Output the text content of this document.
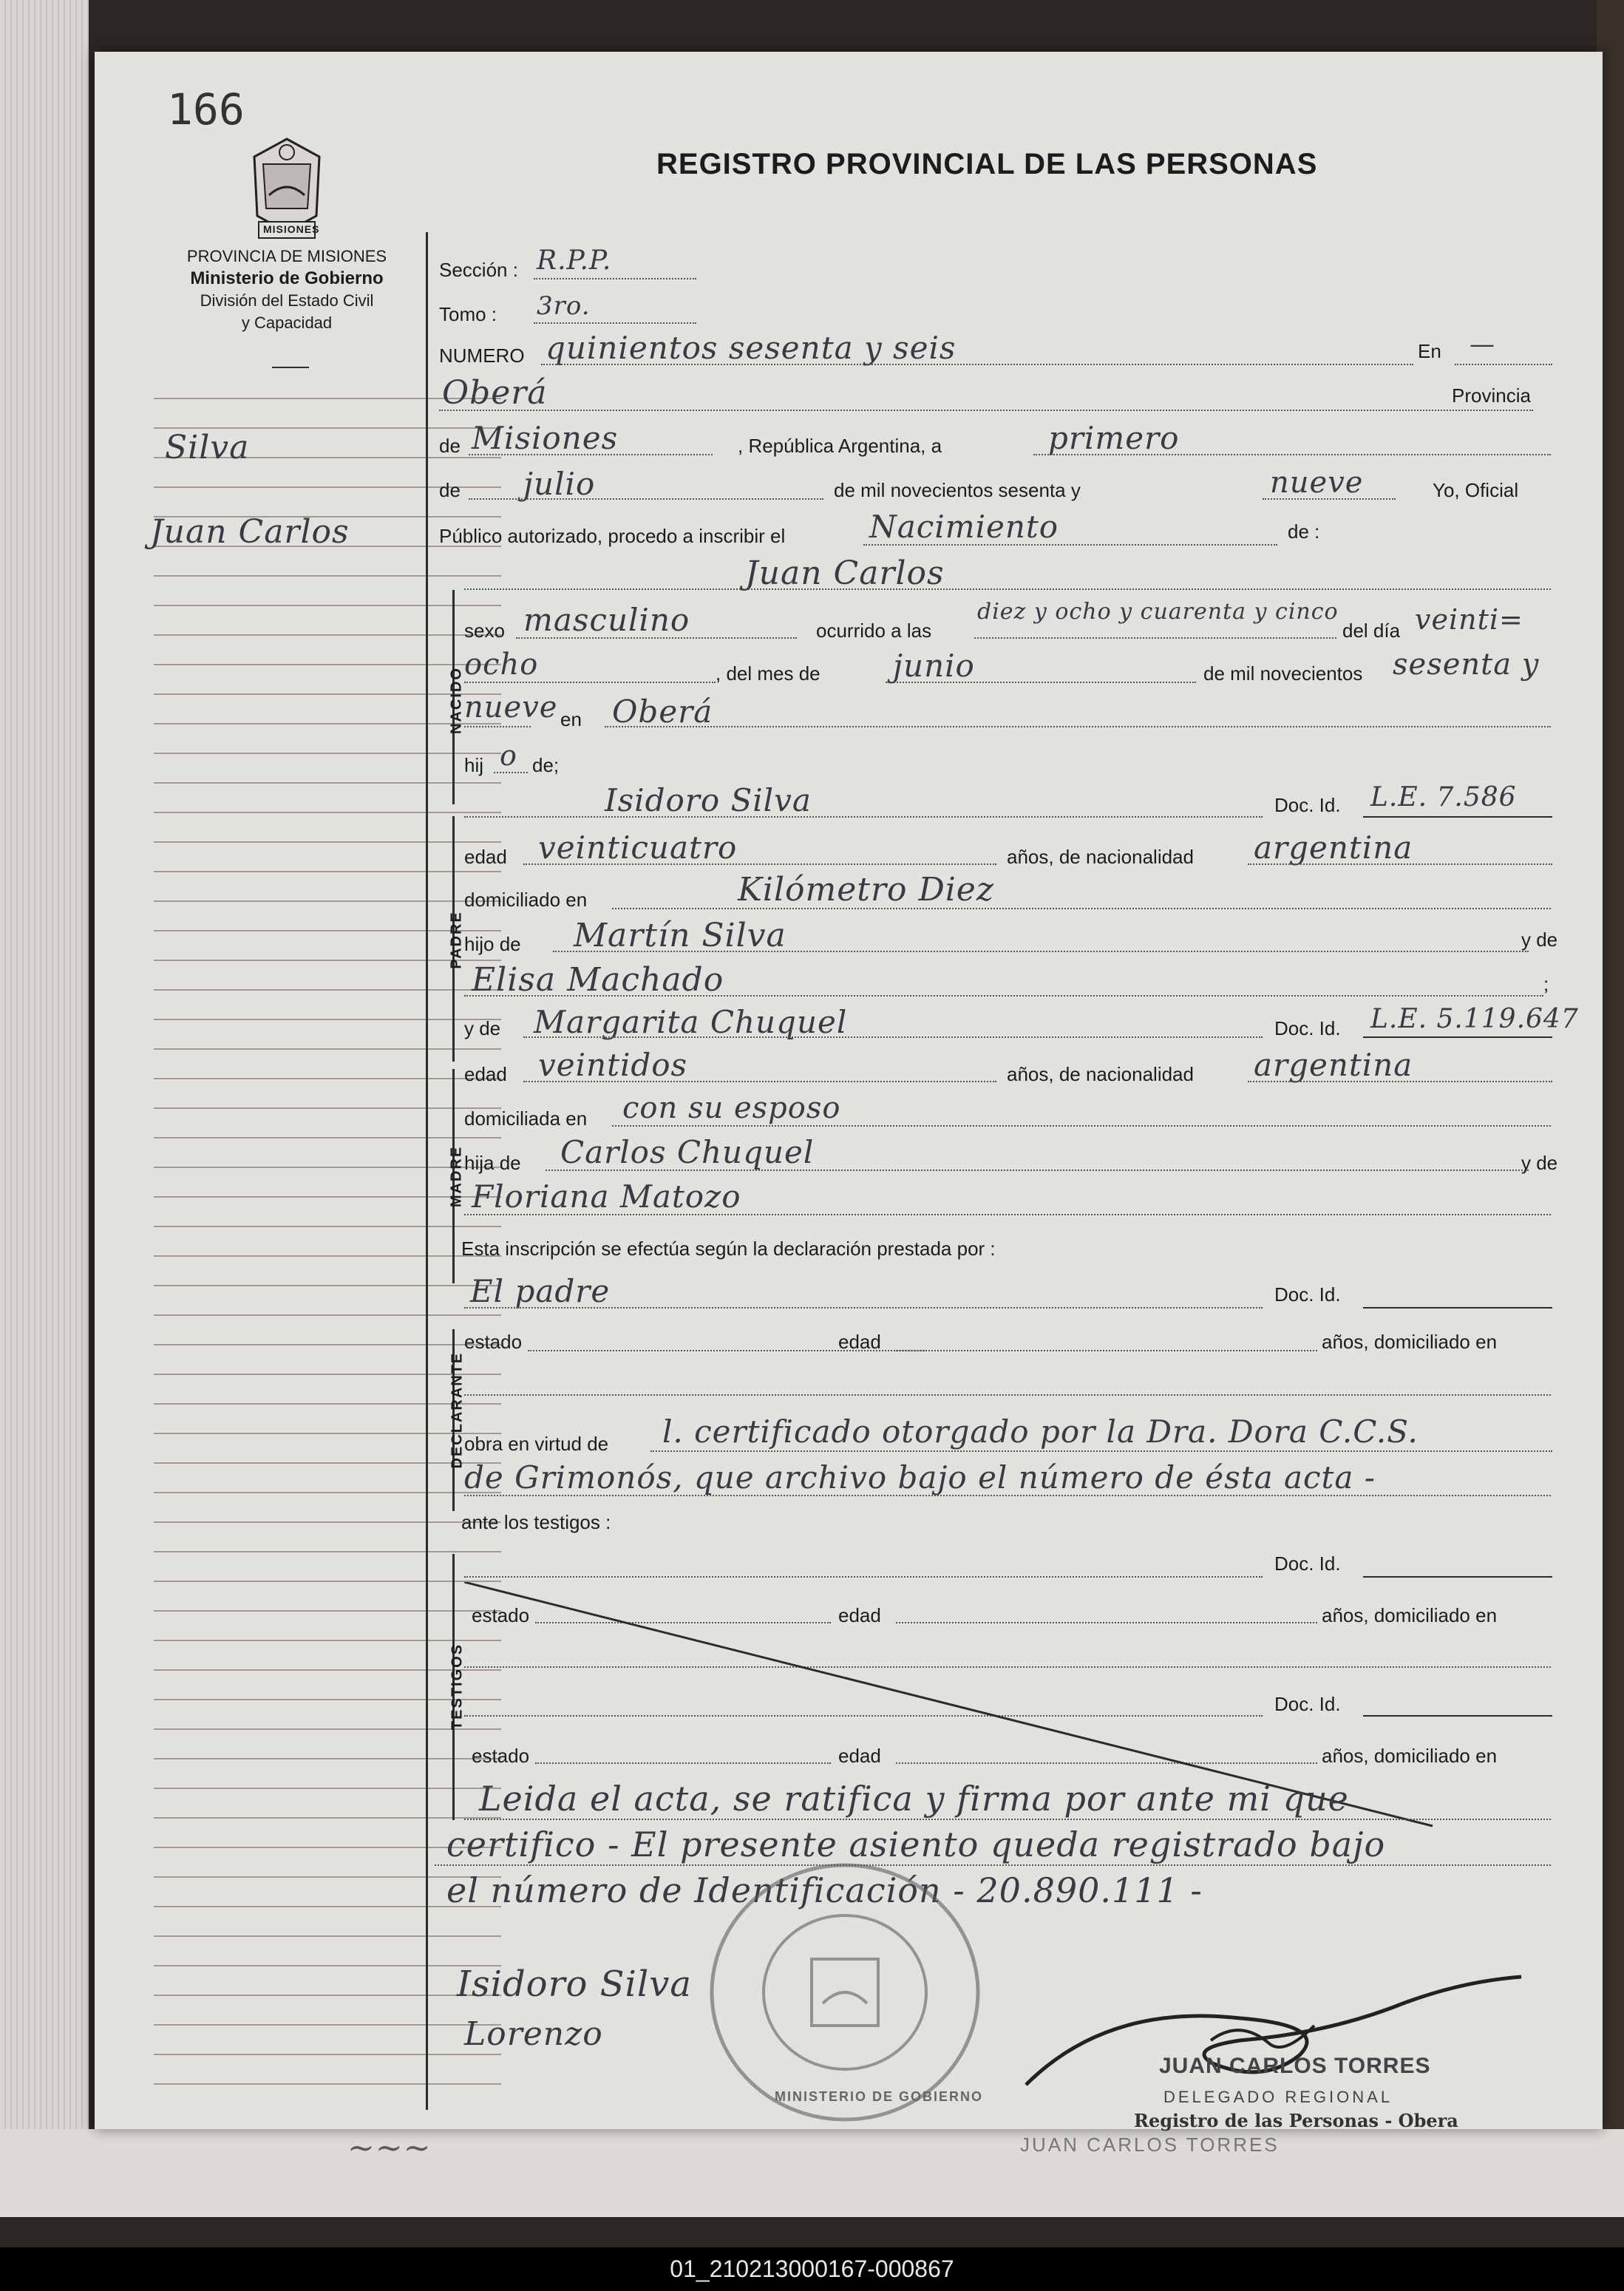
JUAN CARLOS TORRES
~~~
166
MISIONES
PROVINCIA DE MISIONES
Ministerio de Gobierno
División del Estado Civil
y Capacidad
REGISTRO PROVINCIAL DE LAS PERSONAS
Silva
Juan Carlos
Sección : R.P.P.
Tomo : 3ro.
NUMERO quinientos sesenta y seis	En —
Oberá	Provincia
de Misiones	, República Argentina, a	primero
de julio	de mil novecientos sesenta y	nueve	Yo, Oficial
Público autorizado, procedo a inscribir el	Nacimiento	de :
NACIDO
Juan Carlos
sexo masculino	ocurrido a las
diez y ocho y cuarenta y cinco
del día veinti=
ocho	, del mes de junio	de mil novecientos sesenta y
nueve en Oberá
hij o de;
PADRE
Isidoro Silva	Doc. Id. L.E. 7.586
edad veinticuatro	años, de nacionalidad argentina
domiciliado en	Kilómetro Diez
hijo de Martín Silva	y de
Elisa Machado	;
MADRE
y de Margarita Chuquel	Doc. Id. L.E. 5.119.647
edad veintidos	años, de nacionalidad argentina
domiciliada en con su esposo
hija de Carlos Chuquel	y de
Floriana Matozo
Esta inscripción se efectúa según la declaración prestada por :
DECLARANTE
El padre	Doc. Id.
estado	edad	años, domiciliado en
obra en virtud de l. certificado otorgado por la Dra. Dora C.C.S.
de Grimonós, que archivo bajo el número de ésta acta -
ante los testigos :
TESTIGOS
Doc. Id.
estado	edad	años, domiciliado en
Doc. Id.
estado	edad	años, domiciliado en
Leida el acta, se ratifica y firma por ante mi que
certifico - El presente asiento queda registrado bajo
el número de Identificación - 20.890.111 -
MINISTERIO DE GOBIERNO
Isidoro Silva
Lorenzo
JUAN CARLOS TORRES
DELEGADO REGIONAL
Registro de las Personas - Obera
01_210213000167-000867
